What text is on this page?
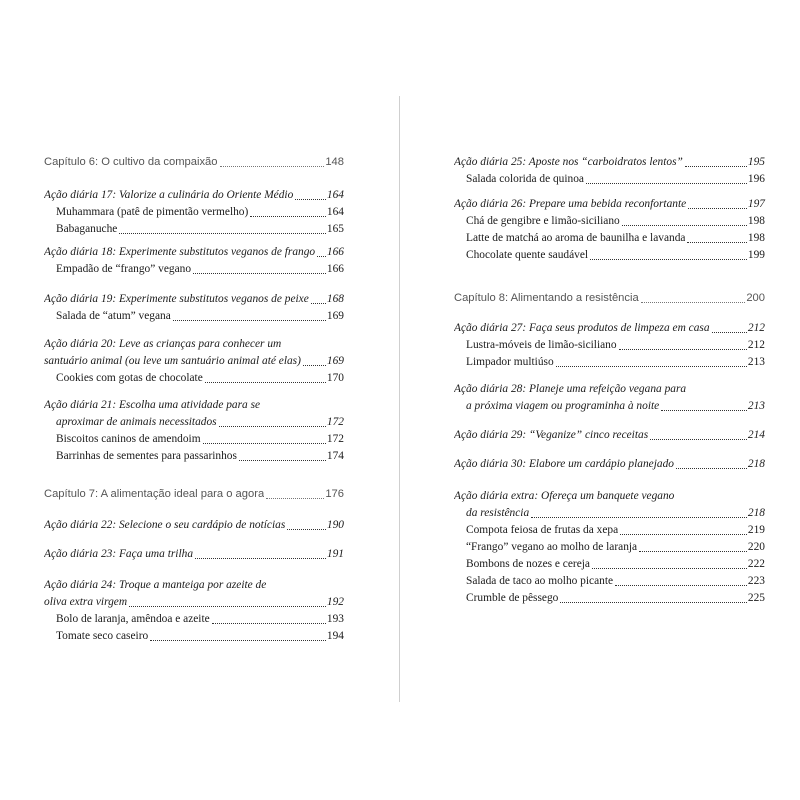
Capítulo 6: O cultivo da compaixão	148
Ação diária 17: Valorize a culinária do Oriente Médio	164
Muhammara (patê de pimentão vermelho)	164
Babaganuche	165
Ação diária 18: Experimente substitutos veganos de frango 166
Empadão de “frango” vegano	166
Ação diária 19: Experimente substitutos veganos de peixe 168
Salada de “atum” vegana	169
Ação diária 20: Leve as crianças para conhecer um
santuário animal (ou leve um santuário animal até elas) 169
Cookies com gotas de chocolate	170
Ação diária 21: Escolha uma atividade para se
aproximar de animais necessitados	172
Biscoitos caninos de amendoim	172
Barrinhas de sementes para passarinhos	174
Capítulo 7: A alimentação ideal para o agora	176
Ação diária 22: Selecione o seu cardápio de notícias	190
Ação diária 23: Faça uma trilha	191
Ação diária 24: Troque a manteiga por azeite de
oliva extra virgem	192
Bolo de laranja, amêndoa e azeite	193
Tomate seco caseiro	194
Ação diária 25: Aposte nos “carboidratos lentos”	195
Salada colorida de quinoa	196
Ação diária 26: Prepare uma bebida reconfortante	197
Chá de gengibre e limão-siciliano	198
Latte de matchá ao aroma de baunilha e lavanda	198
Chocolate quente saudável	199
Capítulo 8: Alimentando a resistência	200
Ação diária 27: Faça seus produtos de limpeza em casa	212
Lustra-móveis de limão-siciliano	212
Limpador multiúso	213
Ação diária 28: Planeje uma refeição vegana para
a próxima viagem ou programinha à noite	213
Ação diária 29: “Veganize” cinco receitas	214
Ação diária 30: Elabore um cardápio planejado	218
Ação diária extra: Ofereça um banquete vegano
da resistência	218
Compota feiosa de frutas da xepa	219
“Frango” vegano ao molho de laranja	220
Bombons de nozes e cereja	222
Salada de taco ao molho picante	223
Crumble de pêssego	225
